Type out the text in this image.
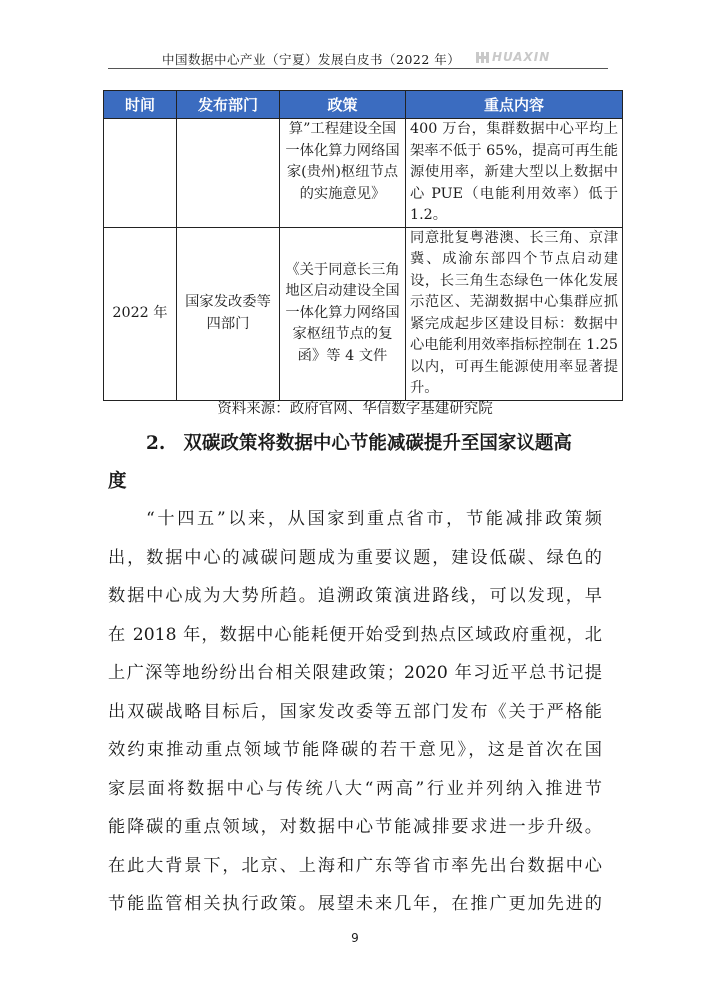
中国数据中心产业（宁夏）发展白皮书（2022 年）	HUAXIN
时间	发布部门	政策	重点内容
		算”工程建设全国一体化算力网络国家(贵州)枢纽节点的实施意见》	400 万台，集群数据中心平均上架率不低于 65%，提高可再生能源使用率，新建大型以上数据中心 PUE（电能利用效率）低于 1.2。
2022 年	国家发改委等四部门	《关于同意长三角地区启动建设全国一体化算力网络国家枢纽节点的复函》等 4 文件	同意批复粤港澳、长三角、京津冀、成渝东部四个节点启动建设，长三角生态绿色一体化发展示范区、芜湖数据中心集群应抓紧完成起步区建设目标：数据中心电能利用效率指标控制在 1.25 以内，可再生能源使用率显著提升。
资料来源：政府官网、华信数字基建研究院
2. 双碳政策将数据中心节能减碳提升至国家议题高
度
“十四五”以来，从国家到重点省市，节能减排政策频
出，数据中心的减碳问题成为重要议题，建设低碳、绿色的
数据中心成为大势所趋。追溯政策演进路线，可以发现，早
在 2018 年，数据中心能耗便开始受到热点区域政府重视，北
上广深等地纷纷出台相关限建政策；2020 年习近平总书记提
出双碳战略目标后，国家发改委等五部门发布《关于严格能
效约束推动重点领域节能降碳的若干意见》，这是首次在国
家层面将数据中心与传统八大“两高”行业并列纳入推进节
能降碳的重点领域，对数据中心节能减排要求进一步升级。
在此大背景下，北京、上海和广东等省市率先出台数据中心
节能监管相关执行政策。展望未来几年，在推广更加先进的
9
